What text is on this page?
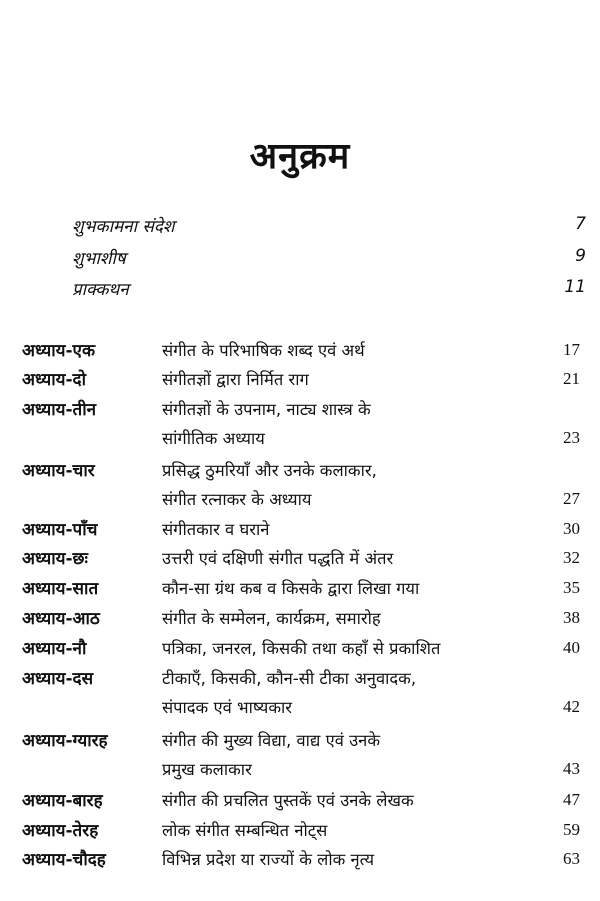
अनुक्रम
शुभकामना संदेश	7
शुभाशीष	9
प्राक्कथन	11
अध्याय-एक	संगीत के परिभाषिक शब्द एवं अर्थ	17
अध्याय-दो	संगीतज्ञों द्वारा निर्मित राग	21
अध्याय-तीन	संगीतज्ञों के उपनाम, नाट्य शास्त्र के
सांगीतिक अध्याय	23
अध्याय-चार	प्रसिद्ध ठुमरियाँ और उनके कलाकार,
संगीत रत्नाकर के अध्याय	27
अध्याय-पाँच	संगीतकार व घराने	30
अध्याय-छः	उत्तरी एवं दक्षिणी संगीत पद्धति में अंतर	32
अध्याय-सात	कौन-सा ग्रंथ कब व किसके द्वारा लिखा गया	35
अध्याय-आठ	संगीत के सम्मेलन, कार्यक्रम, समारोह	38
अध्याय-नौ	पत्रिका, जनरल, किसकी तथा कहाँ से प्रकाशित	40
अध्याय-दस	टीकाएँ, किसकी, कौन-सी टीका अनुवादक,
संपादक एवं भाष्यकार	42
अध्याय-ग्यारह	संगीत की मुख्य विद्या, वाद्य एवं उनके
प्रमुख कलाकार	43
अध्याय-बारह	संगीत की प्रचलित पुस्तकें एवं उनके लेखक	47
अध्याय-तेरह	लोक संगीत सम्बन्धित नोट्स	59
अध्याय-चौदह	विभिन्न प्रदेश या राज्यों के लोक नृत्य	63
